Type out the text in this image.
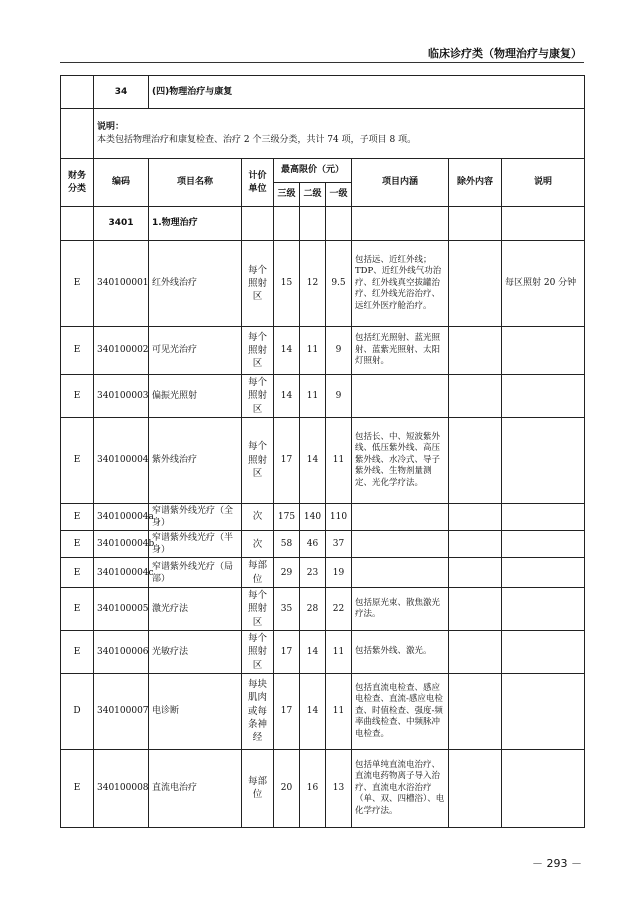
临床诊疗类（物理治疗与康复）
	34	(四)物理治疗与康复							

	说明：
本类包括物理治疗和康复检查、治疗 2 个三级分类，共计 74 项，子项目 8 项。								

财务分类	编码	项目名称	计价单位	最高限价（元）			项目内涵	除外内容	说明
				三级	二级	一级			
	3401	1.物理治疗							
E	340100001	红外线治疗	每个照射区	15	12	9.5	包括远、近红外线；TDP、近红外线气功治疗、红外线真空拔罐治疗、红外线光浴治疗、远红外医疗舱治疗。		每区照射 20 分钟
E	340100002	可见光治疗	每个照射区	14	11	9	包括红光照射、蓝光照射、蓝紫光照射、太阳灯照射。		
E	340100003	偏振光照射	每个照射区	14	11	9			
E	340100004	紫外线治疗	每个照射区	17	14	11	包括长、中、短波紫外线、低压紫外线、高压紫外线、水冷式、导子紫外线、生物剂量测定、光化学疗法。		
E	340100004a	窄谱紫外线光疗（全身）	次	175	140	110			
E	340100004b	窄谱紫外线光疗（半身）	次	58	46	37			
E	340100004c	窄谱紫外线光疗（局部）	每部位	29	23	19			
E	340100005	激光疗法	每个照射区	35	28	22	包括原光束、散焦激光疗法。		
E	340100006	光敏疗法	每个照射区	17	14	11	包括紫外线、激光。		
D	340100007	电诊断	每块肌肉或每条神经	17	14	11	包括直流电检查、感应电检查、直流-感应电检查、时值检查、强度-频率曲线检查、中频脉冲电检查。		
E	340100008	直流电治疗	每部位	20	16	13	包括单纯直流电治疗、直流电药物离子导入治疗、直流电水浴治疗（单、双、四槽浴）、电化学疗法。		
－ 293 －
